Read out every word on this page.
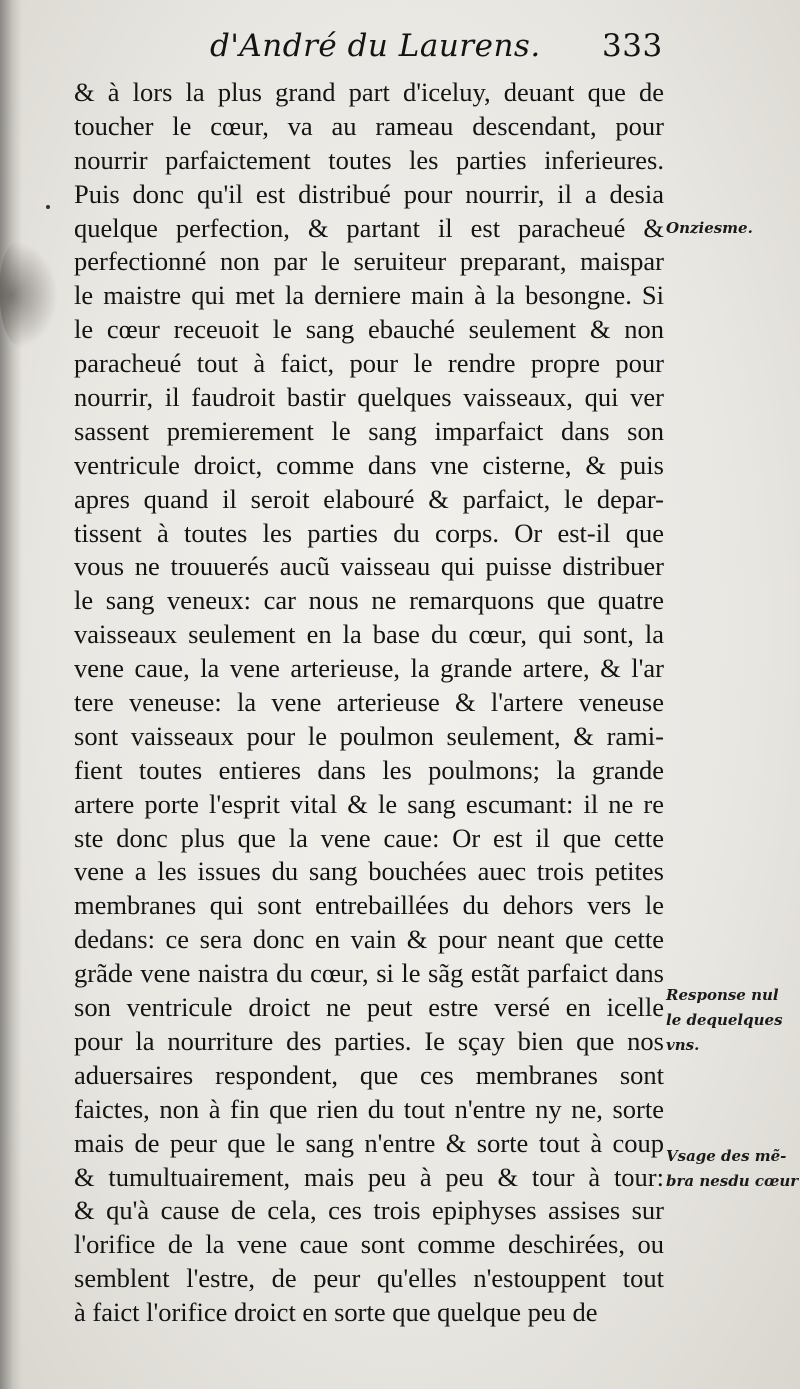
d'André du Laurens. 333
& à lors la plus grand part d'iceluy, deuant que de
toucher le cœur, va au rameau descendant, pour
nourrir parfaictement toutes les parties inferieures.
Puis donc qu'il est distribué pour nourrir, il a desia
quelque perfection, & partant il est paracheué &
perfectionné non par le seruiteur preparant, maispar
le maistre qui met la derniere main à la besongne. Si
le cœur receuoit le sang ebauché seulement & non
paracheué tout à faict, pour le rendre propre pour
nourrir, il faudroit bastir quelques vaisseaux, qui ver
sassent premierement le sang imparfaict dans son
ventricule droict, comme dans vne cisterne, & puis
apres quand il seroit elabouré & parfaict, le depar-
tissent à toutes les parties du corps. Or est-il que
vous ne trouuerés aucũ vaisseau qui puisse distribuer
le sang veneux: car nous ne remarquons que quatre
vaisseaux seulement en la base du cœur, qui sont, la
vene caue, la vene arterieuse, la grande artere, & l'ar
tere veneuse: la vene arterieuse & l'artere veneuse
sont vaisseaux pour le poulmon seulement, & rami-
fient toutes entieres dans les poulmons; la grande
artere porte l'esprit vital & le sang escumant: il ne re
ste donc plus que la vene caue: Or est il que cette
vene a les issues du sang bouchées auec trois petites
membranes qui sont entrebaillées du dehors vers le
dedans: ce sera donc en vain & pour neant que cette
grãde vene naistra du cœur, si le sãg estãt parfaict dans
son ventricule droict ne peut estre versé en icelle
pour la nourriture des parties. Ie sçay bien que nos
aduersaires respondent, que ces membranes sont
faictes, non à fin que rien du tout n'entre ny ne, sorte
mais de peur que le sang n'entre & sorte tout à coup
& tumultuairement, mais peu à peu & tour à tour:
& qu'à cause de cela, ces trois epiphyses assises sur
l'orifice de la vene caue sont comme deschirées, ou
semblent l'estre, de peur qu'elles n'estouppent tout
à faict l'orifice droict en sorte que quelque peu de
Onziesme.
Response nul
le dequelques
vns.
Vsage des mẽ-
bra nesdu cœur
